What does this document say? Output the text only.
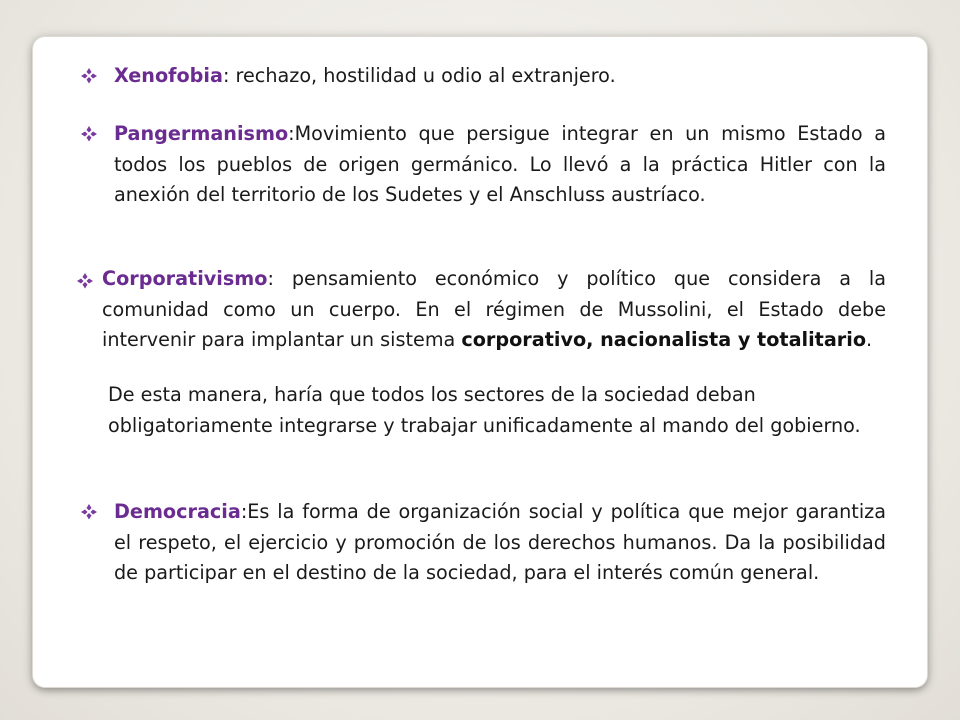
Xenofobia: rechazo, hostilidad u odio al extranjero.
Pangermanismo:Movimiento que persigue integrar en un mismo Estado a todos los pueblos de origen germánico. Lo llevó a la práctica Hitler con la anexión del territorio de los Sudetes y el Anschluss austríaco.
Corporativismo: pensamiento económico y político que considera a la comunidad como un cuerpo. En el régimen de Mussolini, el Estado debe intervenir para implantar un sistema corporativo, nacionalista y totalitario.
De esta manera, haría que todos los sectores de la sociedad deban obligatoriamente integrarse y trabajar unificadamente al mando del gobierno.
Democracia:Es la forma de organización social y política que mejor garantiza el respeto, el ejercicio y promoción de los derechos humanos. Da la posibilidad de participar en el destino de la sociedad, para el interés común general.
